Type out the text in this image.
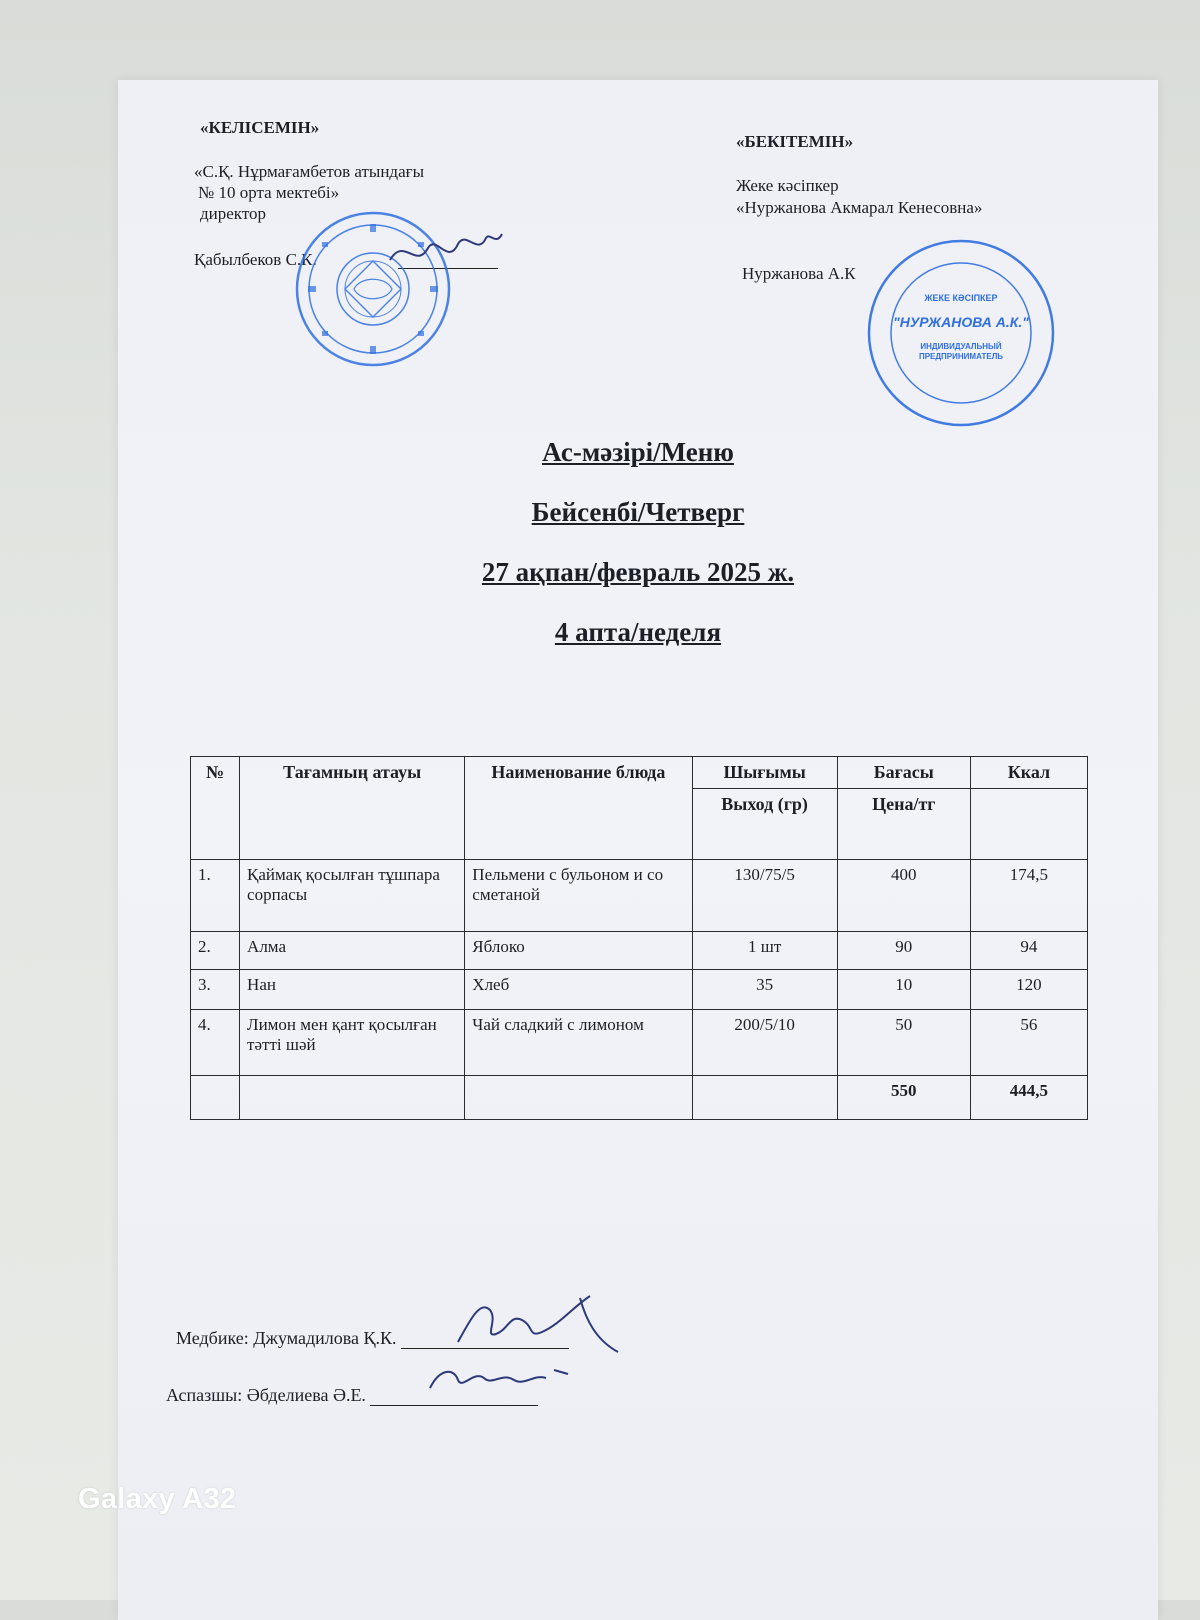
«КЕЛІСЕМІН»
«С.Қ. Нұрмағамбетов атындағы
№ 10 орта мектебі»
директор
Қабылбеков С.К.
«БЕКІТЕМІН»
Жеке кәсіпкер
«Нуржанова Акмарал Кенесовна»
Нуржанова А.К
ЖЕКЕ КӘСІПКЕР
"НУРЖАНОВА А.К."
ИНДИВИДУАЛЬНЫЙ ПРЕДПРИНИМАТЕЛЬ
Ас-мәзірі/Меню
Бейсенбі/Четверг
27 ақпан/февраль 2025 ж.
4 апта/неделя
№	Тағамның атауы	Наименование блюда	Шығымы	Бағасы	Ккал
			Выход (гр)	Цена/тг	
1.	Қаймақ қосылған тұшпара сорпасы	Пельмени с бульоном и со сметаной	130/75/5	400	174,5
2.	Алма	Яблоко	1 шт	90	94
3.	Нан	Хлеб	35	10	120
4.	Лимон мен қант қосылған тәтті шәй	Чай сладкий с лимоном	200/5/10	50	56
				550	444,5
Медбике: Джумадилова Қ.К.
Аспазшы: Әбделиева Ә.Е.
Galaxy A32
